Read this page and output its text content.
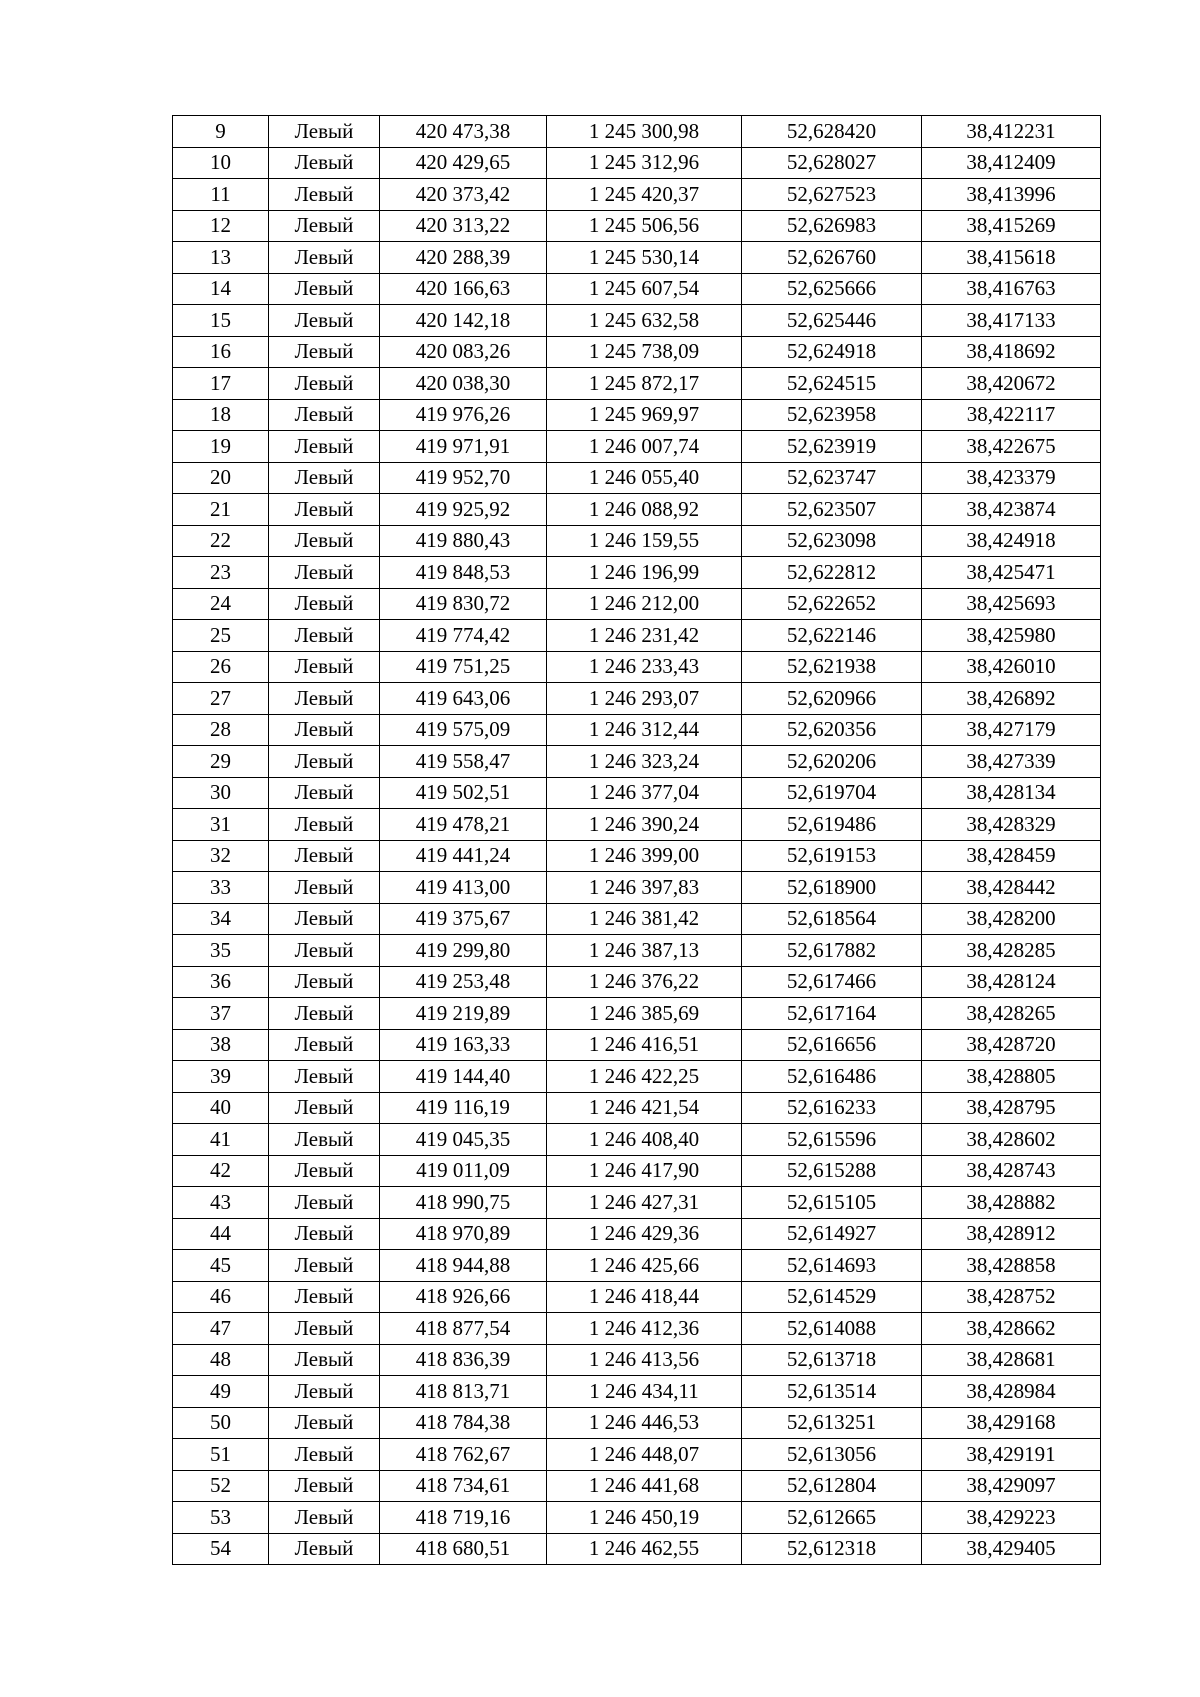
9	Левый	420 473,38	1 245 300,98	52,628420	38,412231
10	Левый	420 429,65	1 245 312,96	52,628027	38,412409
11	Левый	420 373,42	1 245 420,37	52,627523	38,413996
12	Левый	420 313,22	1 245 506,56	52,626983	38,415269
13	Левый	420 288,39	1 245 530,14	52,626760	38,415618
14	Левый	420 166,63	1 245 607,54	52,625666	38,416763
15	Левый	420 142,18	1 245 632,58	52,625446	38,417133
16	Левый	420 083,26	1 245 738,09	52,624918	38,418692
17	Левый	420 038,30	1 245 872,17	52,624515	38,420672
18	Левый	419 976,26	1 245 969,97	52,623958	38,422117
19	Левый	419 971,91	1 246 007,74	52,623919	38,422675
20	Левый	419 952,70	1 246 055,40	52,623747	38,423379
21	Левый	419 925,92	1 246 088,92	52,623507	38,423874
22	Левый	419 880,43	1 246 159,55	52,623098	38,424918
23	Левый	419 848,53	1 246 196,99	52,622812	38,425471
24	Левый	419 830,72	1 246 212,00	52,622652	38,425693
25	Левый	419 774,42	1 246 231,42	52,622146	38,425980
26	Левый	419 751,25	1 246 233,43	52,621938	38,426010
27	Левый	419 643,06	1 246 293,07	52,620966	38,426892
28	Левый	419 575,09	1 246 312,44	52,620356	38,427179
29	Левый	419 558,47	1 246 323,24	52,620206	38,427339
30	Левый	419 502,51	1 246 377,04	52,619704	38,428134
31	Левый	419 478,21	1 246 390,24	52,619486	38,428329
32	Левый	419 441,24	1 246 399,00	52,619153	38,428459
33	Левый	419 413,00	1 246 397,83	52,618900	38,428442
34	Левый	419 375,67	1 246 381,42	52,618564	38,428200
35	Левый	419 299,80	1 246 387,13	52,617882	38,428285
36	Левый	419 253,48	1 246 376,22	52,617466	38,428124
37	Левый	419 219,89	1 246 385,69	52,617164	38,428265
38	Левый	419 163,33	1 246 416,51	52,616656	38,428720
39	Левый	419 144,40	1 246 422,25	52,616486	38,428805
40	Левый	419 116,19	1 246 421,54	52,616233	38,428795
41	Левый	419 045,35	1 246 408,40	52,615596	38,428602
42	Левый	419 011,09	1 246 417,90	52,615288	38,428743
43	Левый	418 990,75	1 246 427,31	52,615105	38,428882
44	Левый	418 970,89	1 246 429,36	52,614927	38,428912
45	Левый	418 944,88	1 246 425,66	52,614693	38,428858
46	Левый	418 926,66	1 246 418,44	52,614529	38,428752
47	Левый	418 877,54	1 246 412,36	52,614088	38,428662
48	Левый	418 836,39	1 246 413,56	52,613718	38,428681
49	Левый	418 813,71	1 246 434,11	52,613514	38,428984
50	Левый	418 784,38	1 246 446,53	52,613251	38,429168
51	Левый	418 762,67	1 246 448,07	52,613056	38,429191
52	Левый	418 734,61	1 246 441,68	52,612804	38,429097
53	Левый	418 719,16	1 246 450,19	52,612665	38,429223
54	Левый	418 680,51	1 246 462,55	52,612318	38,429405
